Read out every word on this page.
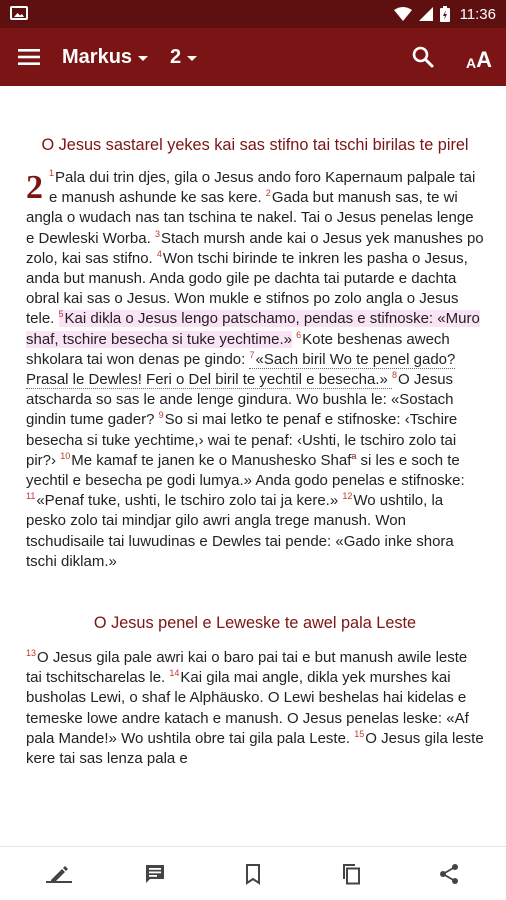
11:36
Markus 2	A A
O Jesus sastarel yekes kai sas stifno tai tschi birilas te pirel
2 $^1$Pala dui trin djes, gila o Jesus ando foro Kapernaum palpale tai e manush ashunde ke sas kere. $^2$Gada but manush sas, te wi angla o wudach nas tan tschina te nakel. Tai o Jesus penelas lenge e Dewleski Worba. $^3$Stach mursh ande kai o Jesus yek manushes po zolo, kai sas stifno. $^4$Won tschi birinde te inkren les pasha o Jesus, anda but manush. Anda godo gile pe dachta tai putarde e dachta obral kai sas o Jesus. Won mukle e stifnos po zolo angla o Jesus tele. $^5$Kai dikla o Jesus lengo patschamo, pendas e stifnoske: «Muro shaf, tschire besecha si tuke yechtime.» $^6$Kote beshenas awech shkolara tai won denas pe gindo: $^7$«Sach biril Wo te penel gado? Prasal le Dewles! Feri o Del biril te yechtil e besecha.» $^8$O Jesus atscharda so sas le ande lenge gindura. Wo bushla le: «Sostach gindin tume gader? $^9$So si mai letko te penaf e stifnoske: ‹Tschire besecha si tuke yechtime,› wai te penaf: ‹Ushti, le tschiro zolo tai pir?› $^{10}$Me kamaf te janen ke o Manushesko Shaf$^a$ si les e soch te yechtil e besecha pe godi lumya.» Anda godo penelas e stifnoske: $^{11}$«Penaf tuke, ushti, le tschiro zolo tai ja kere.» $^{12}$Wo ushtilo, la pesko zolo tai mindjar gilo awri angla trege manush. Won tschudisaile tai luwudinas e Dewles tai pende: «Gado inke shora tschi diklam.»
O Jesus penel e Leweske te awel pala Leste
$^{13}$O Jesus gila pale awri kai o baro pai tai e but manush awile leste tai tschitscharelas le. $^{14}$Kai gila mai angle, dikla yek murshes kai busholas Lewi, o shaf le Alphäusko. O Lewi beshelas hai kidelas e temeske lowe andre katach e manush. O Jesus penelas leske: «Af pala Mande!» Wo ushtila obre tai gila pala Leste. $^{15}$O Jesus gila leste kere tai sas lenza pala e
